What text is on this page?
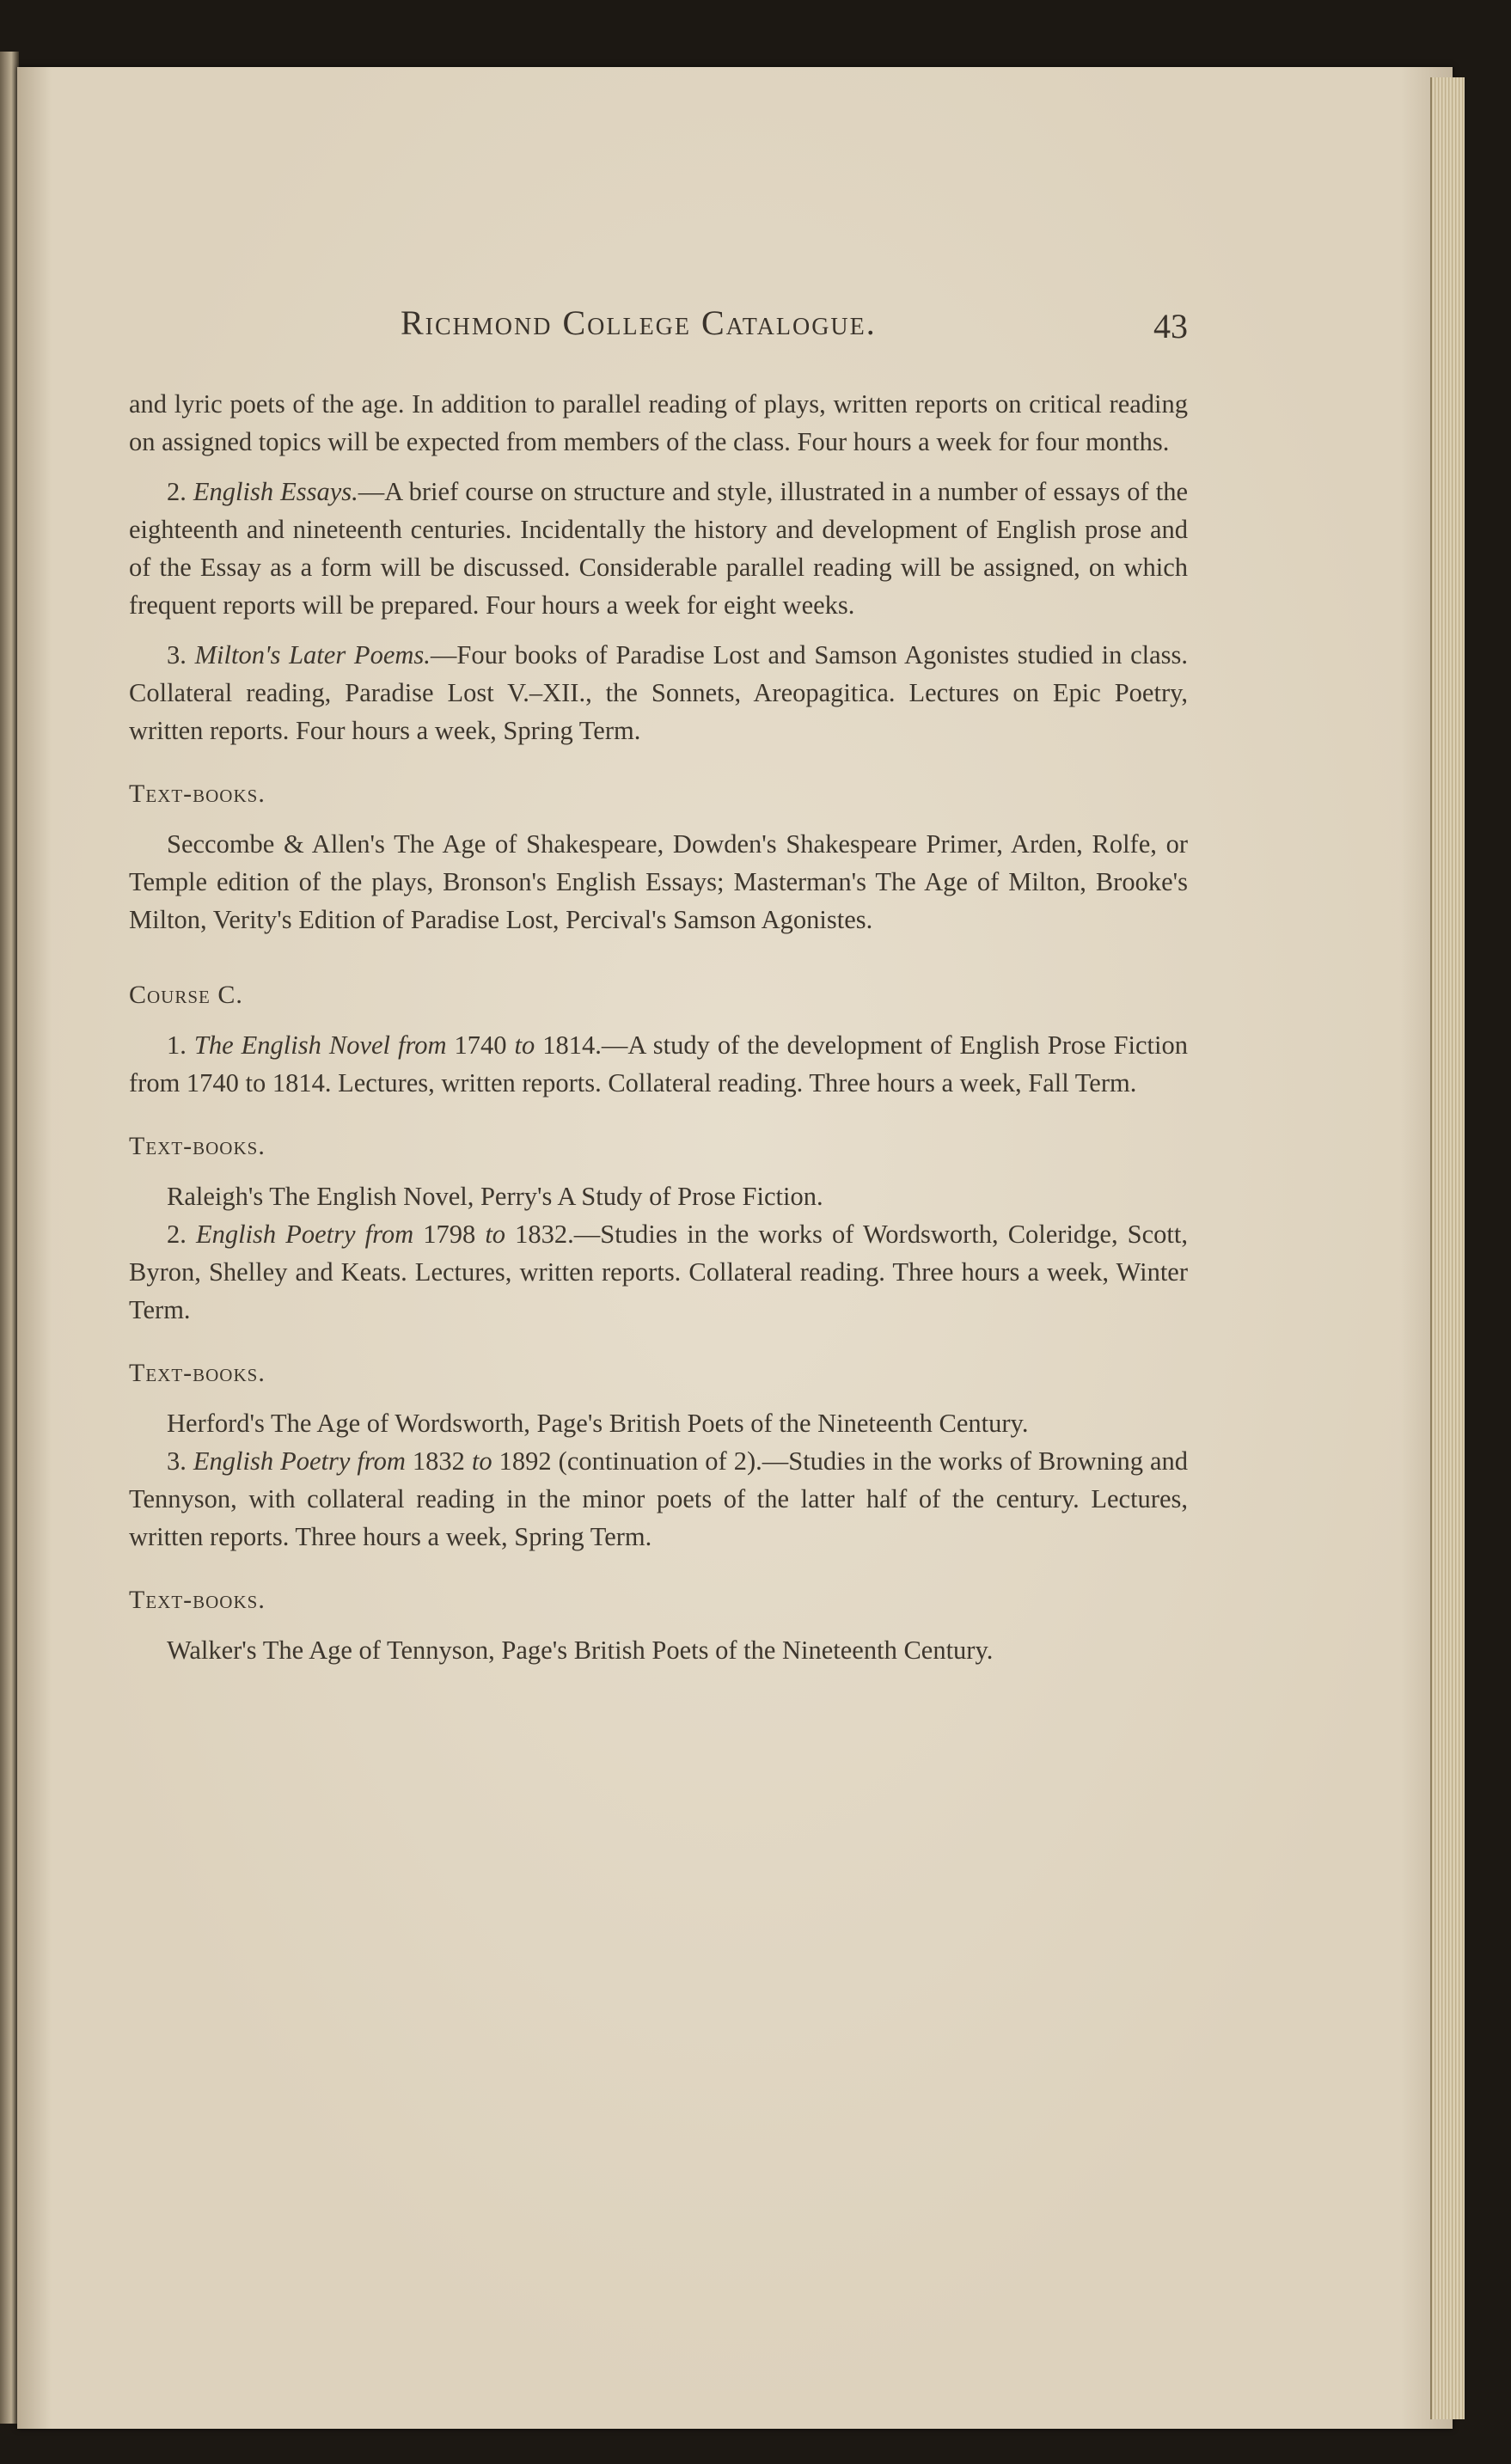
Richmond College Catalogue.	43

and lyric poets of the age. In addition to parallel reading of plays, written reports on critical reading on assigned topics will be expected from members of the class. Four hours a week for four months.

2. English Essays.—A brief course on structure and style, illustrated in a number of essays of the eighteenth and nineteenth centuries. Incidentally the history and development of English prose and of the Essay as a form will be discussed. Considerable parallel reading will be assigned, on which frequent reports will be prepared. Four hours a week for eight weeks.

3. Milton's Later Poems.—Four books of Paradise Lost and Samson Agonistes studied in class. Collateral reading, Paradise Lost V.–XII., the Sonnets, Areopagitica. Lectures on Epic Poetry, written reports. Four hours a week, Spring Term.

Text-books.

Seccombe & Allen's The Age of Shakespeare, Dowden's Shakespeare Primer, Arden, Rolfe, or Temple edition of the plays, Bronson's English Essays; Masterman's The Age of Milton, Brooke's Milton, Verity's Edition of Paradise Lost, Percival's Samson Agonistes.

Course C.

1. The English Novel from 1740 to 1814.—A study of the development of English Prose Fiction from 1740 to 1814. Lectures, written reports. Collateral reading. Three hours a week, Fall Term.

Text-books.

Raleigh's The English Novel, Perry's A Study of Prose Fiction.

2. English Poetry from 1798 to 1832.—Studies in the works of Wordsworth, Coleridge, Scott, Byron, Shelley and Keats. Lectures, written reports. Collateral reading. Three hours a week, Winter Term.

Text-books.

Herford's The Age of Wordsworth, Page's British Poets of the Nineteenth Century.

3. English Poetry from 1832 to 1892 (continuation of 2).—Studies in the works of Browning and Tennyson, with collateral reading in the minor poets of the latter half of the century. Lectures, written reports. Three hours a week, Spring Term.

Text-books.

Walker's The Age of Tennyson, Page's British Poets of the Nineteenth Century.
